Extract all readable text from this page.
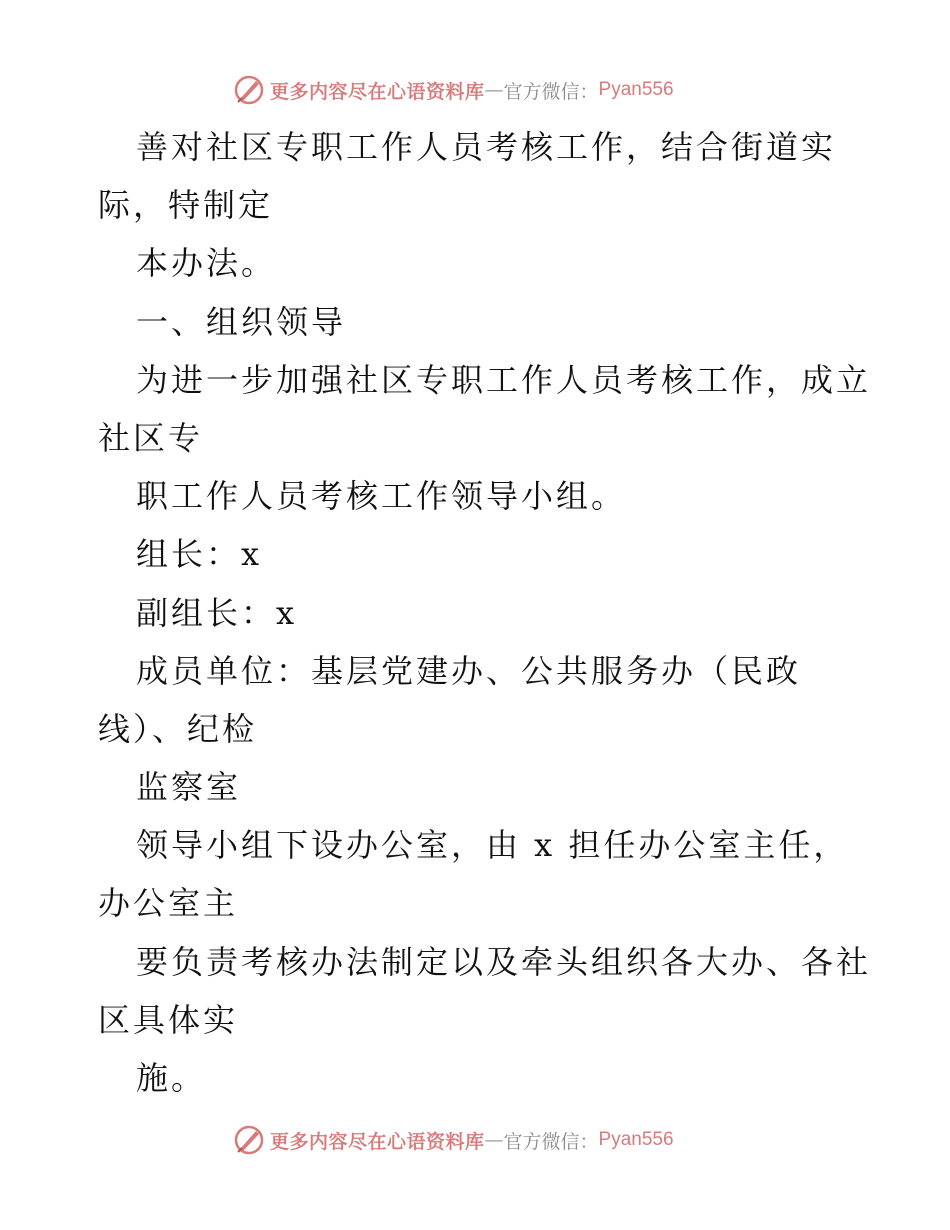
更多内容尽在心语资料库 — 官方微信： Pyan556
善对社区专职工作人员考核工作，结合街道实
际，特制定
本办法。
一、组织领导
为进一步加强社区专职工作人员考核工作，成立
社区专
职工作人员考核工作领导小组。
组长：x
副组长：x
成员单位：基层党建办、公共服务办（民政
线）、纪检
监察室
领导小组下设办公室，由 x 担任办公室主任，
办公室主
要负责考核办法制定以及牵头组织各大办、各社
区具体实
施。
更多内容尽在心语资料库 — 官方微信： Pyan556
